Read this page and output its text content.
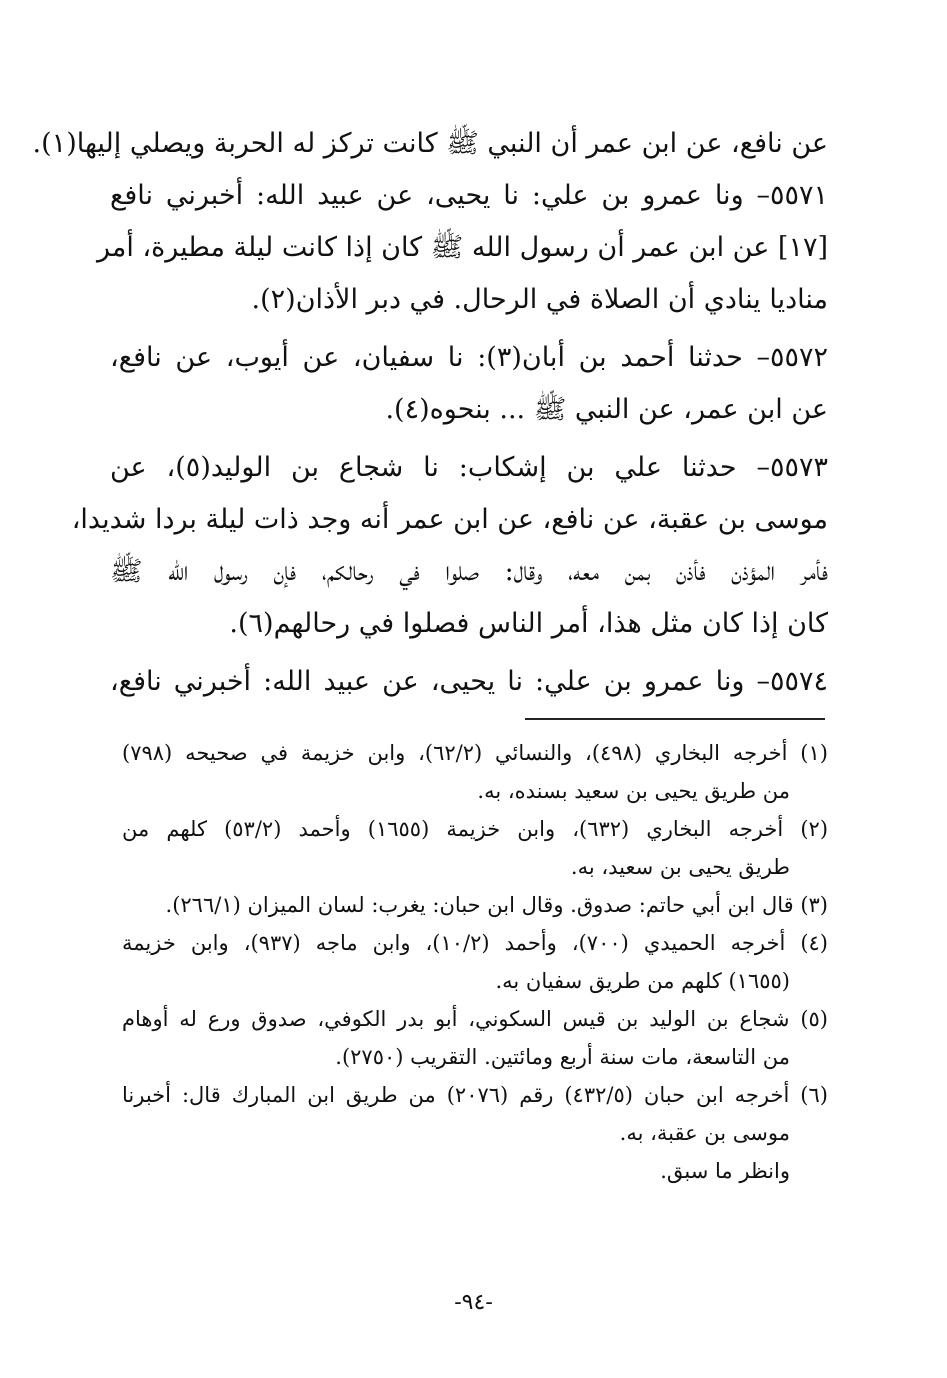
عن نافع، عن ابن عمر أن النبي ﷺ كانت تركز له الحربة ويصلي إليها(١).
٥٥٧١– ونا عمرو بن علي: نا يحيى، عن عبيد الله: أخبرني نافع
[١٧] عن ابن عمر أن رسول الله ﷺ كان إذا كانت ليلة مطيرة، أمر
مناديا ينادي أن الصلاة في الرحال. في دبر الأذان(٢).
٥٥٧٢– حدثنا أحمد بن أبان(٣): نا سفيان، عن أيوب، عن نافع،
عن ابن عمر، عن النبي ﷺ ... بنحوه(٤).
٥٥٧٣– حدثنا علي بن إشكاب: نا شجاع بن الوليد(٥)، عن
موسى بن عقبة، عن نافع، عن ابن عمر أنه وجد ذات ليلة بردا شديدا،
فأمر المؤذن فأذن بمن معه، وقال: صلوا في رحالكم، فإن رسول الله ﷺ
كان إذا كان مثل هذا، أمر الناس فصلوا في رحالهم(٦).
٥٥٧٤– ونا عمرو بن علي: نا يحيى، عن عبيد الله: أخبرني نافع،
(١) أخرجه البخاري (٤٩٨)، والنسائي (٦٢/٢)، وابن خزيمة في صحيحه (٧٩٨)
من طريق يحيى بن سعيد بسنده، به.
(٢) أخرجه البخاري (٦٣٢)، وابن خزيمة (١٦٥٥) وأحمد (٥٣/٢) كلهم من
طريق يحيى بن سعيد، به.
(٣) قال ابن أبي حاتم: صدوق. وقال ابن حبان: يغرب: لسان الميزان (٢٦٦/١).
(٤) أخرجه الحميدي (٧٠٠)، وأحمد (١٠/٢)، وابن ماجه (٩٣٧)، وابن خزيمة
(١٦٥٥) كلهم من طريق سفيان به.
(٥) شجاع بن الوليد بن قيس السكوني، أبو بدر الكوفي، صدوق ورع له أوهام
من التاسعة، مات سنة أربع ومائتين. التقريب (٢٧٥٠).
(٦) أخرجه ابن حبان (٤٣٢/٥) رقم (٢٠٧٦) من طريق ابن المبارك قال: أخبرنا
موسى بن عقبة، به.
وانظر ما سبق.
-٩٤-
